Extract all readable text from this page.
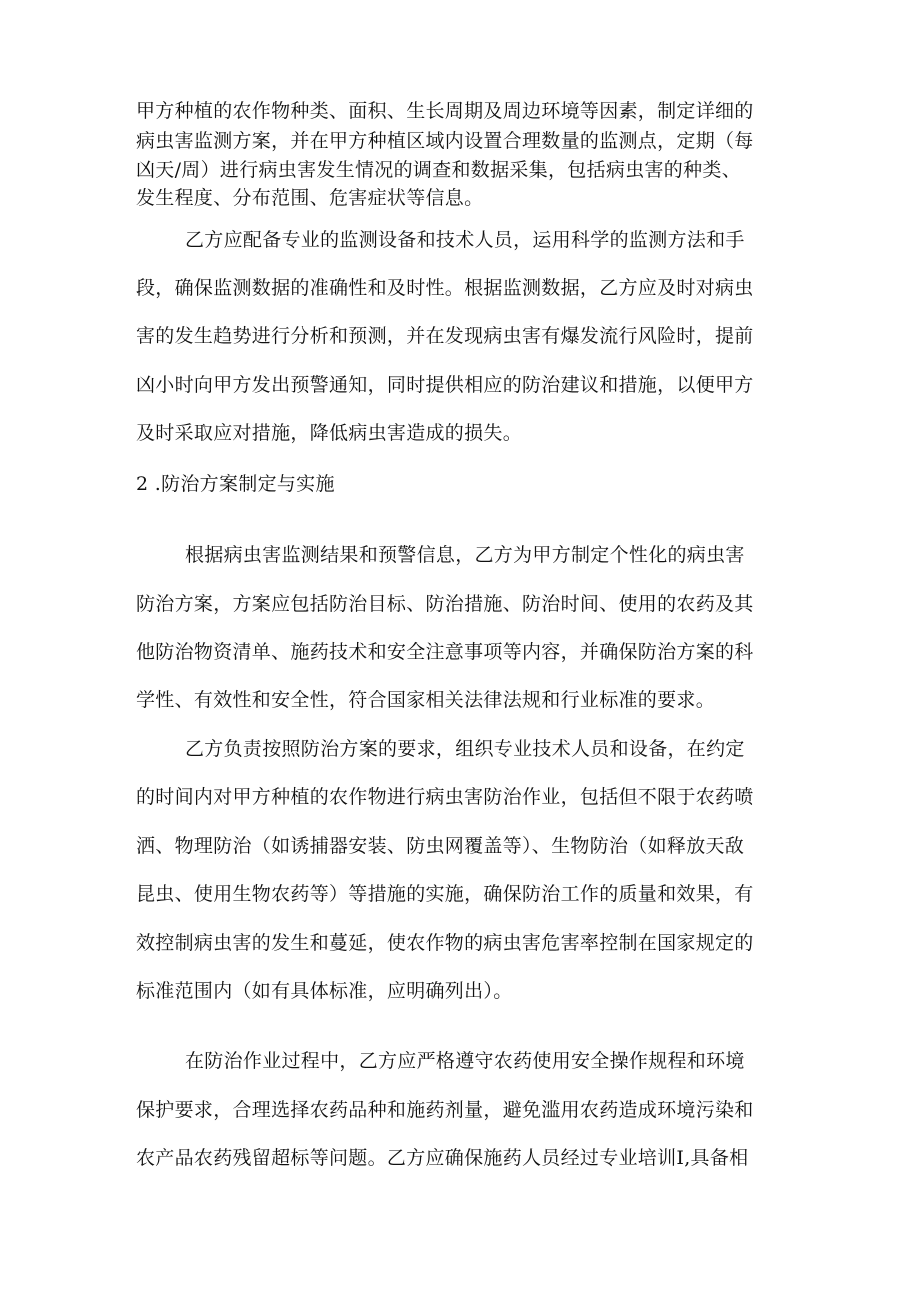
甲方种植的农作物种类、面积、生长周期及周边环境等因素，制定详细的
病虫害监测方案，并在甲方种植区域内设置合理数量的监测点，定期（每
凶天/周）进行病虫害发生情况的调查和数据采集，包括病虫害的种类、
发生程度、分布范围、危害症状等信息。
乙方应配备专业的监测设备和技术人员，运用科学的监测方法和手
段，确保监测数据的准确性和及时性。根据监测数据，乙方应及时对病虫
害的发生趋势进行分析和预测，并在发现病虫害有爆发流行风险时，提前
凶小时向甲方发出预警通知，同时提供相应的防治建议和措施，以便甲方
及时采取应对措施，降低病虫害造成的损失。
2 .防治方案制定与实施
根据病虫害监测结果和预警信息，乙方为甲方制定个性化的病虫害
防治方案，方案应包括防治目标、防治措施、防治时间、使用的农药及其
他防治物资清单、施药技术和安全注意事项等内容，并确保防治方案的科
学性、有效性和安全性，符合国家相关法律法规和行业标准的要求。
乙方负责按照防治方案的要求，组织专业技术人员和设备，在约定
的时间内对甲方种植的农作物进行病虫害防治作业，包括但不限于农药喷
洒、物理防治（如诱捕器安装、防虫网覆盖等）、生物防治（如释放天敌
昆虫、使用生物农药等）等措施的实施，确保防治工作的质量和效果，有
效控制病虫害的发生和蔓延，使农作物的病虫害危害率控制在国家规定的
标准范围内（如有具体标准，应明确列出）。
在防治作业过程中，乙方应严格遵守农药使用安全操作规程和环境
保护要求，合理选择农药品种和施药剂量，避免滥用农药造成环境污染和
农产品农药残留超标等问题。乙方应确保施药人员经过专业培训I,具备相
